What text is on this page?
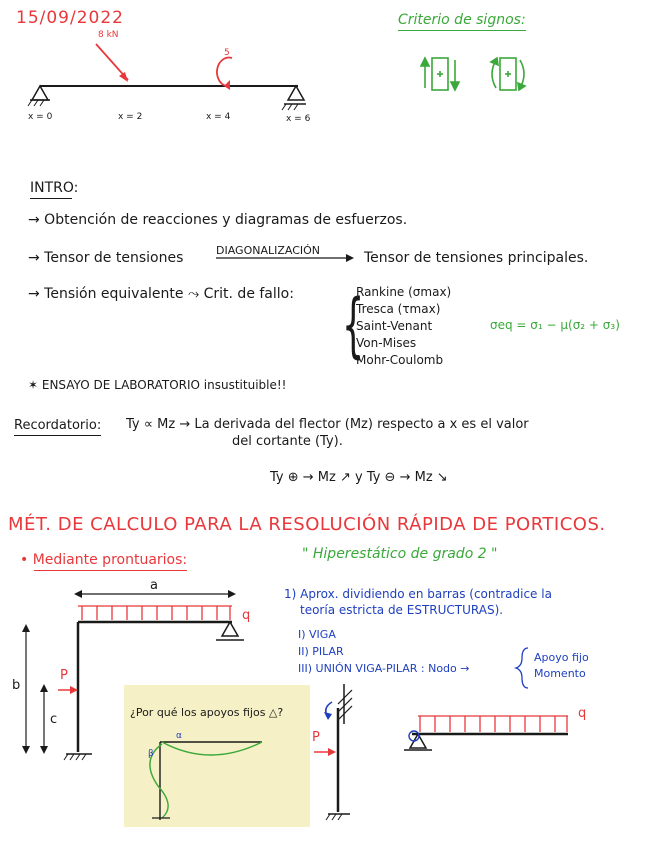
15/09/2022	Criterio de signos:
8 kN
5
x = 0	x = 2	x = 4	x = 6
INTRO:
→ Obtención de reacciones y diagramas de esfuerzos.
→ Tensor de tensiones	DIAGONALIZACIÓN	Tensor de tensiones principales.
→ Tensión equivalente ⤳ Crit. de fallo: {
Rankine (σmax)
Tresca (τmax)
Saint-Venant
Von-Mises
Mohr-Coulomb
σeq = σ₁ − μ(σ₂ + σ₃)
✶ ENSAYO DE LABORATORIO insustituible!!
Recordatorio: Ty ∝ Mz → La derivada del flector (Mz) respecto a x es el valor
del cortante (Ty).
Ty ⊕ → Mz ↗ y Ty ⊖ → Mz ↘
MÉT. DE CALCULO PARA LA RESOLUCIÓN RÁPIDA DE PORTICOS.
• Mediante prontuarios:	" Hiperestático de grado 2 "
1) Aprox. dividiendo en barras (contradice la
teoría estricta de ESTRUCTURAS).
I) VIGA
II) PILAR
III) UNIÓN VIGA-PILAR : Nodo →
Apoyo fijo
Momento
a
q
b
c
P
P
q
β
α
¿Por qué los apoyos fijos △?
